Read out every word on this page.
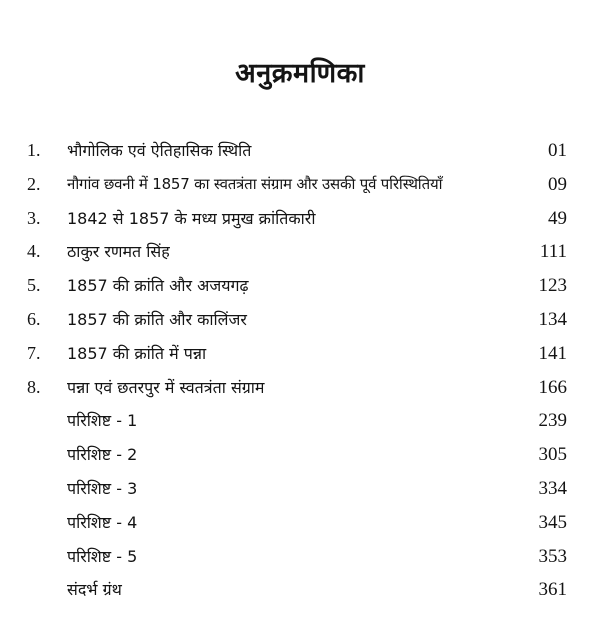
अनुक्रमणिका
1.	भौगोलिक एवं ऐतिहासिक स्थिति	01
2.	नौगांव छवनी में 1857 का स्वतत्रंता संग्राम और उसकी पूर्व परिस्थितियाँ	09
3.	1842 से 1857 के मध्य प्रमुख क्रांतिकारी	49
4.	ठाकुर रणमत सिंह	111
5.	1857 की क्रांति और अजयगढ़	123
6.	1857 की क्रांति और कालिंजर	134
7.	1857 की क्रांति में पन्ना	141
8.	पन्ना एवं छतरपुर में स्वतत्रंता संग्राम	166
परिशिष्ट - 1	239
परिशिष्ट - 2	305
परिशिष्ट - 3	334
परिशिष्ट - 4	345
परिशिष्ट - 5	353
संदर्भ ग्रंथ	361
